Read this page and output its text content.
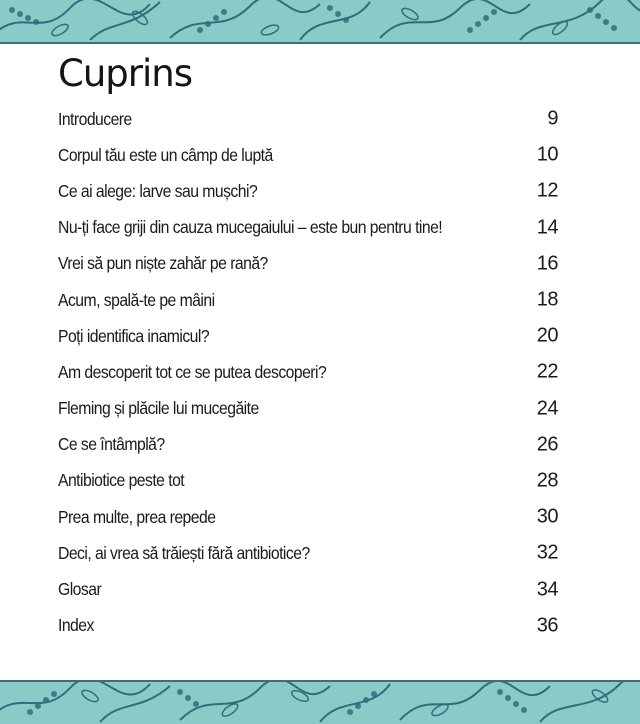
Cuprins
Introducere	9
Corpul tău este un câmp de luptă	10
Ce ai alege: larve sau mușchi?	12
Nu-ți face griji din cauza mucegaiului – este bun pentru tine!	14
Vrei să pun niște zahăr pe rană?	16
Acum, spală-te pe mâini	18
Poți identifica inamicul?	20
Am descoperit tot ce se putea descoperi?	22
Fleming și plăcile lui mucegăite	24
Ce se întâmplă?	26
Antibiotice peste tot	28
Prea multe, prea repede	30
Deci, ai vrea să trăiești fără antibiotice?	32
Glosar	34
Index	36
